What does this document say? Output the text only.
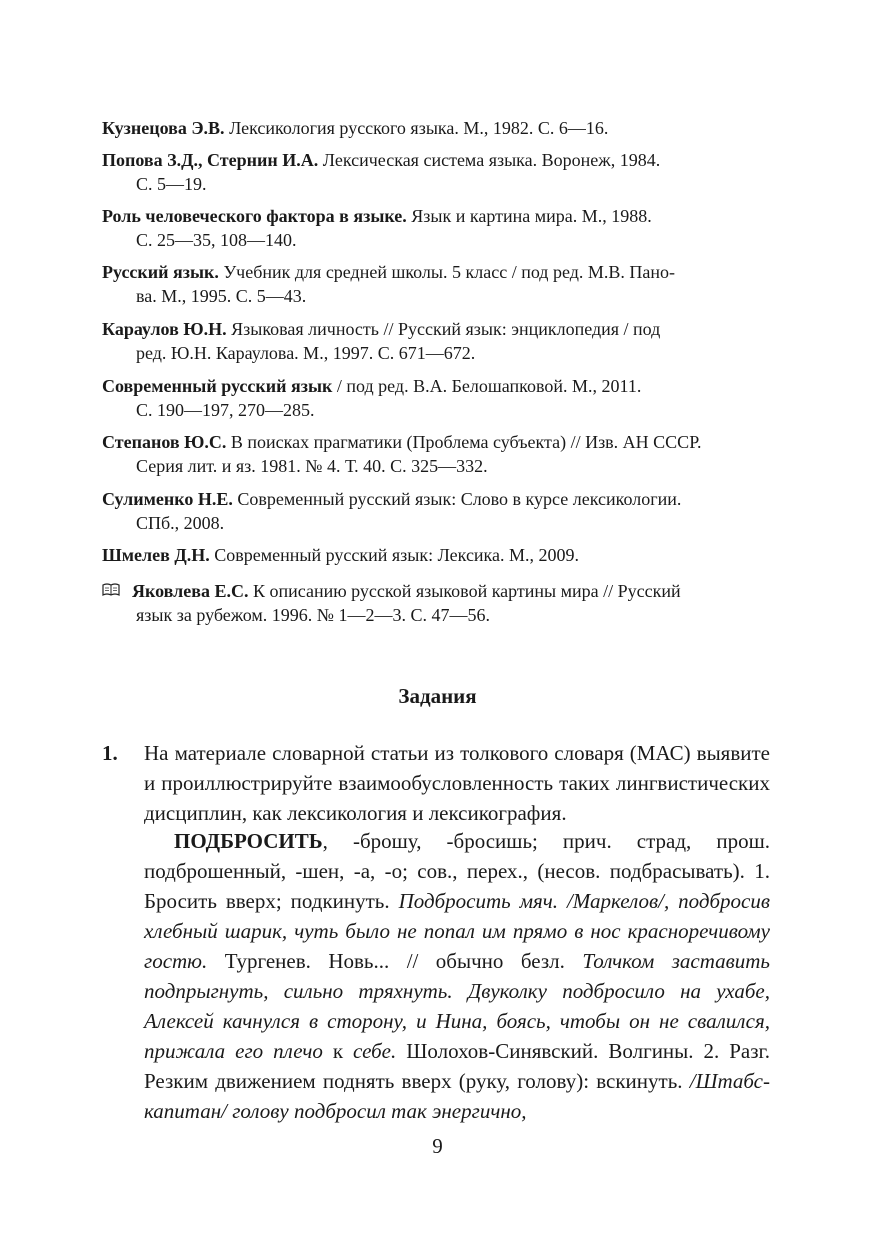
Кузнецова Э.В. Лексикология русского языка. М., 1982. С. 6—16.
Попова З.Д., Стернин И.А. Лексическая система языка. Воронеж, 1984.
С. 5—19.
Роль человеческого фактора в языке. Язык и картина мира. М., 1988.
С. 25—35, 108—140.
Русский язык. Учебник для средней школы. 5 класс / под ред. М.В. Пано-
ва. М., 1995. С. 5—43.
Караулов Ю.Н. Языковая личность // Русский язык: энциклопедия / под
ред. Ю.Н. Караулова. М., 1997. С. 671—672.
Современный русский язык / под ред. В.А. Белошапковой. М., 2011.
С. 190—197, 270—285.
Степанов Ю.С. В поисках прагматики (Проблема субъекта) // Изв. АН СССР.
Серия лит. и яз. 1981. № 4. Т. 40. С. 325—332.
Сулименко Н.Е. Современный русский язык: Слово в курсе лексикологии.
СПб., 2008.
Шмелев Д.Н. Современный русский язык: Лексика. М., 2009.
Яковлева Е.С. К описанию русской языковой картины мира // Русский
язык за рубежом. 1996. № 1—2—3. С. 47—56.
Задания
1. На материале словарной статьи из толкового словаря (МАС) выявите и проиллюстрируйте взаимообусловленность таких лингвистических дисциплин, как лексикология и лексикография.
ПОДБРОСИТЬ, -брошу, -бросишь; прич. страд, прош. подброшенный, -шен, -а, -о; сов., перех., (несов. подбрасывать). 1. Бросить вверх; подкинуть. Подбросить мяч. /Маркелов/, подбросив хлебный шарик, чуть было не попал им прямо в нос красноречивому гостю. Тургенев. Новь... // обычно безл. Толчком заставить подпрыгнуть, сильно тряхнуть. Двуколку подбросило на ухабе, Алексей качнулся в сторону, и Нина, боясь, чтобы он не свалился, прижала его плечо к себе. Шолохов-Синявский. Волгины. 2. Разг. Резким движением поднять вверх (руку, голову): вскинуть. /Штабс-капитан/ голову подбросил так энергично,
9
